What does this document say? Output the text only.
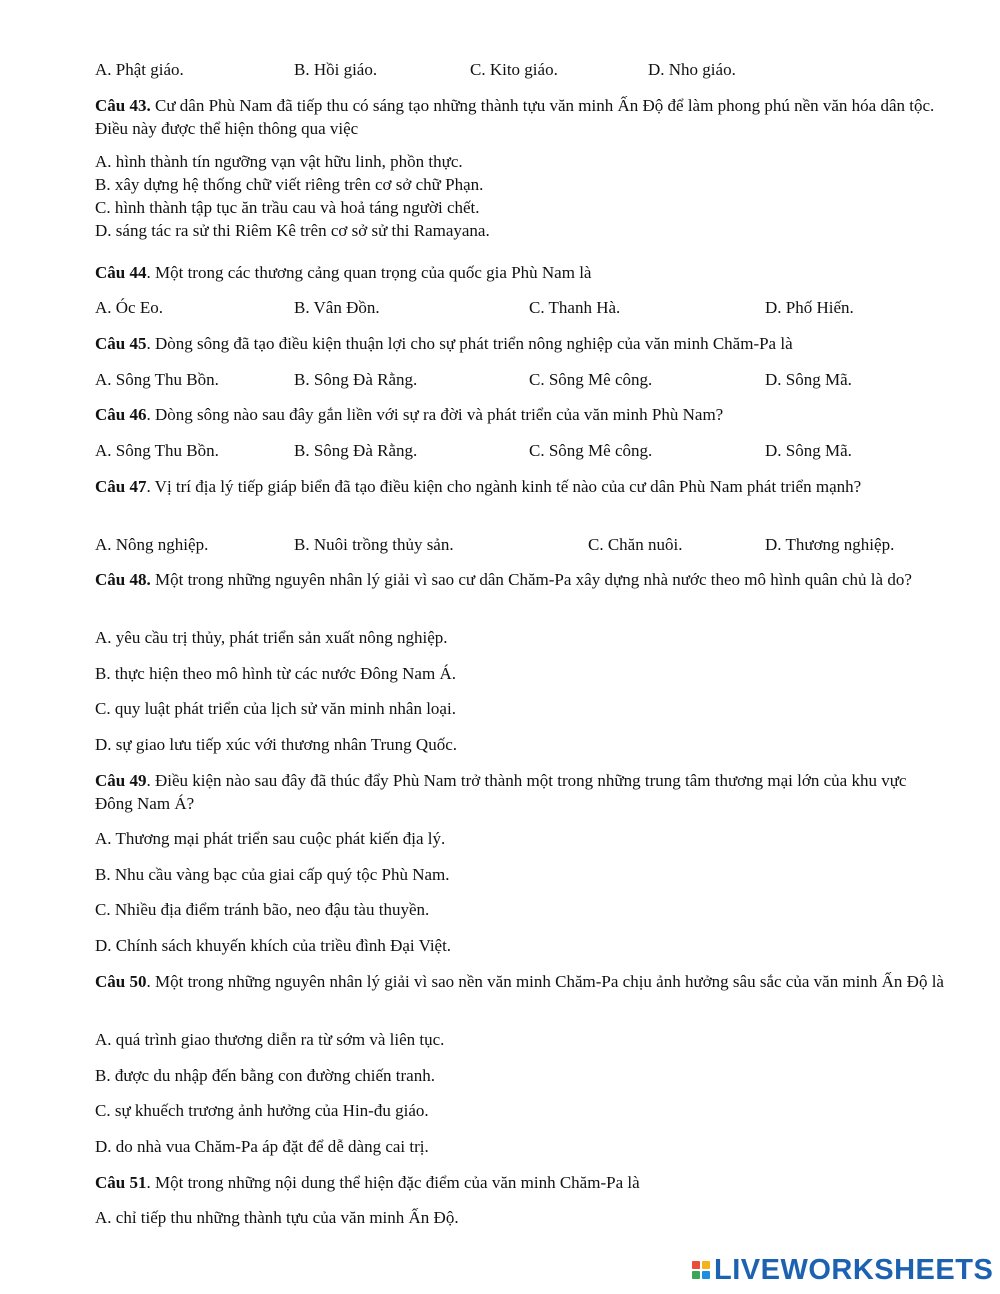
A. Phật giáo.	B. Hồi giáo.	C. Kito giáo.	D. Nho giáo.
Câu 43. Cư dân Phù Nam đã tiếp thu có sáng tạo những thành tựu văn minh Ấn Độ để làm phong phú nền văn hóa dân tộc. Điều này được thể hiện thông qua việc
A. hình thành tín ngưỡng vạn vật hữu linh, phồn thực.
B. xây dựng hệ thống chữ viết riêng trên cơ sở chữ Phạn.
C. hình thành tập tục ăn trầu cau và hoả táng người chết.
D. sáng tác ra sử thi Riêm Kê trên cơ sở sử thi Ramayana.
Câu 44. Một trong các thương cảng quan trọng của quốc gia Phù Nam là
A. Óc Eo.	B. Vân Đồn.	C. Thanh Hà.	D. Phố Hiến.
Câu 45. Dòng sông đã tạo điều kiện thuận lợi cho sự phát triển nông nghiệp của văn minh Chăm-Pa là
A. Sông Thu Bồn.	B. Sông Đà Rằng.	C. Sông Mê công.	D. Sông Mã.
Câu 46. Dòng sông nào sau đây gắn liền với sự ra đời và phát triển của văn minh Phù Nam?
A. Sông Thu Bồn.	B. Sông Đà Rằng.	C. Sông Mê công.	D. Sông Mã.
Câu 47. Vị trí địa lý tiếp giáp biển đã tạo điều kiện cho ngành kinh tế nào của cư dân Phù Nam phát triển mạnh?
A. Nông nghiệp.	B. Nuôi trồng thủy sản.	C. Chăn nuôi.	D. Thương nghiệp.
Câu 48. Một trong những nguyên nhân lý giải vì sao cư dân Chăm-Pa xây dựng nhà nước theo mô hình quân chủ là do?
A. yêu cầu trị thủy, phát triển sản xuất nông nghiệp.
B. thực hiện theo mô hình từ các nước Đông Nam Á.
C. quy luật phát triển của lịch sử văn minh nhân loại.
D. sự giao lưu tiếp xúc với thương nhân Trung Quốc.
Câu 49. Điều kiện nào sau đây đã thúc đẩy Phù Nam trở thành một trong những trung tâm thương mại lớn của khu vực Đông Nam Á?
A. Thương mại phát triển sau cuộc phát kiến địa lý.
B. Nhu cầu vàng bạc của giai cấp quý tộc Phù Nam.
C. Nhiều địa điểm tránh bão, neo đậu tàu thuyền.
D. Chính sách khuyến khích của triều đình Đại Việt.
Câu 50. Một trong những nguyên nhân lý giải vì sao nền văn minh Chăm-Pa chịu ảnh hưởng sâu sắc của văn minh Ấn Độ là
A. quá trình giao thương diễn ra từ sớm và liên tục.
B. được du nhập đến bằng con đường chiến tranh.
C. sự khuếch trương ảnh hưởng của Hin-đu giáo.
D. do nhà vua Chăm-Pa áp đặt để dễ dàng cai trị.
Câu 51. Một trong những nội dung thể hiện đặc điểm của văn minh Chăm-Pa là
A. chỉ tiếp thu những thành tựu của văn minh Ấn Độ.
LIVEWORKSHEETS
